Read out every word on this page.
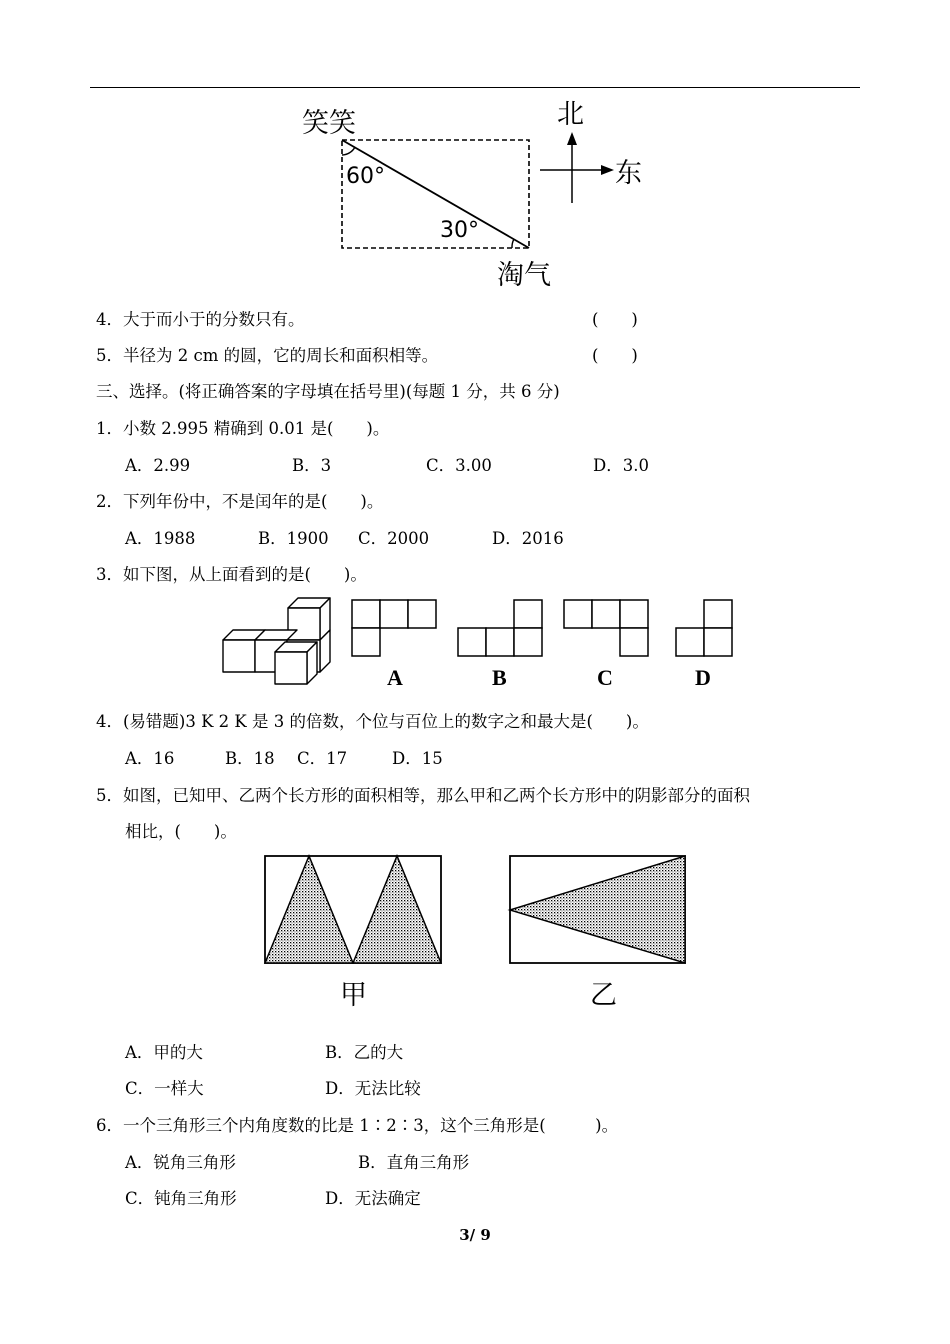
笑笑
淘气
60°
30°
北
东
4．大于而小于的分数只有。	(　　)
5．半径为 2 cm 的圆，它的周长和面积相等。	(　　)
三、选择。(将正确答案的字母填在括号里)(每题 1 分，共 6 分)
1．小数 2.995 精确到 0.01 是(　　)。
A．2.99	B．3	C．3.00	D．3.0
2．下列年份中，不是闰年的是(　　)。
A．1988	B．1900 C．2000	D．2016
3．如下图，从上面看到的是(　　)。
A	B	C	D
4．(易错题)3 K 2 K 是 3 的倍数，个位与百位上的数字之和最大是(　　)。
A．16	B．18 C．17	D．15
5．如图，已知甲、乙两个长方形的面积相等，那么甲和乙两个长方形中的阴影部分的面积
相比，(　　)。
甲	乙
A．甲的大	B．乙的大
C．一样大	D．无法比较
6．一个三角形三个内角度数的比是 1∶2∶3，这个三角形是(　　　)。
A．锐角三角形	B．直角三角形
C．钝角三角形	D．无法确定
3/ 9
